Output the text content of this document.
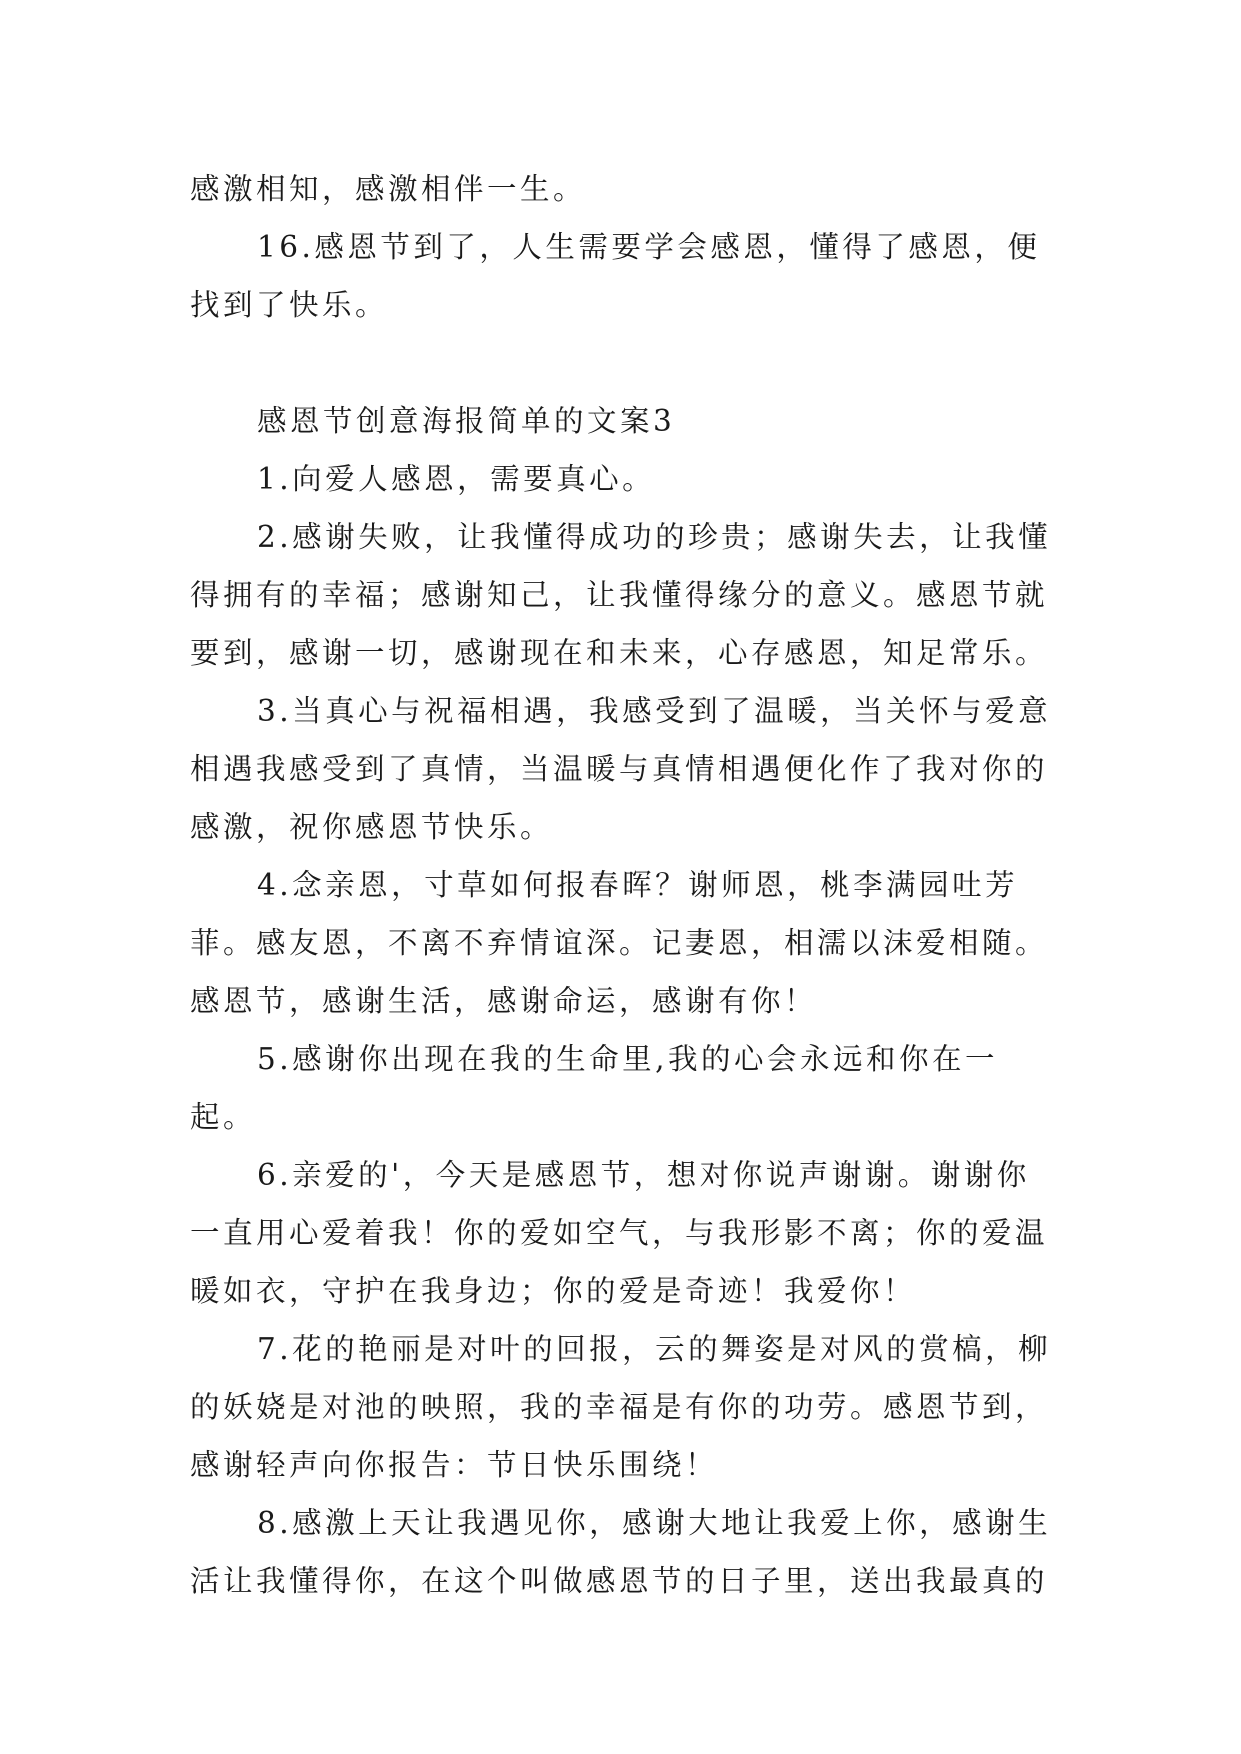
感激相知，感激相伴一生。

16.感恩节到了，人生需要学会感恩，懂得了感恩，便找到了快乐。

感恩节创意海报简单的文案3

1.向爱人感恩，需要真心。

2.感谢失败，让我懂得成功的珍贵；感谢失去，让我懂得拥有的幸福；感谢知己，让我懂得缘分的意义。感恩节就要到，感谢一切，感谢现在和未来，心存感恩，知足常乐。

3.当真心与祝福相遇，我感受到了温暖，当关怀与爱意相遇我感受到了真情，当温暖与真情相遇便化作了我对你的感激，祝你感恩节快乐。

4.念亲恩，寸草如何报春晖？谢师恩，桃李满园吐芳菲。感友恩，不离不弃情谊深。记妻恩，相濡以沫爱相随。感恩节，感谢生活，感谢命运，感谢有你！

5.感谢你出现在我的生命里,我的心会永远和你在一起。

6.亲爱的'，今天是感恩节，想对你说声谢谢。谢谢你一直用心爱着我！你的爱如空气，与我形影不离；你的爱温暖如衣，守护在我身边；你的爱是奇迹！我爱你！

7.花的艳丽是对叶的回报，云的舞姿是对风的赏槁，柳的妖娆是对池的映照，我的幸福是有你的功劳。感恩节到，感谢轻声向你报告：节日快乐围绕！

8.感激上天让我遇见你，感谢大地让我爱上你，感谢生活让我懂得你，在这个叫做感恩节的日子里，送出我最真的
